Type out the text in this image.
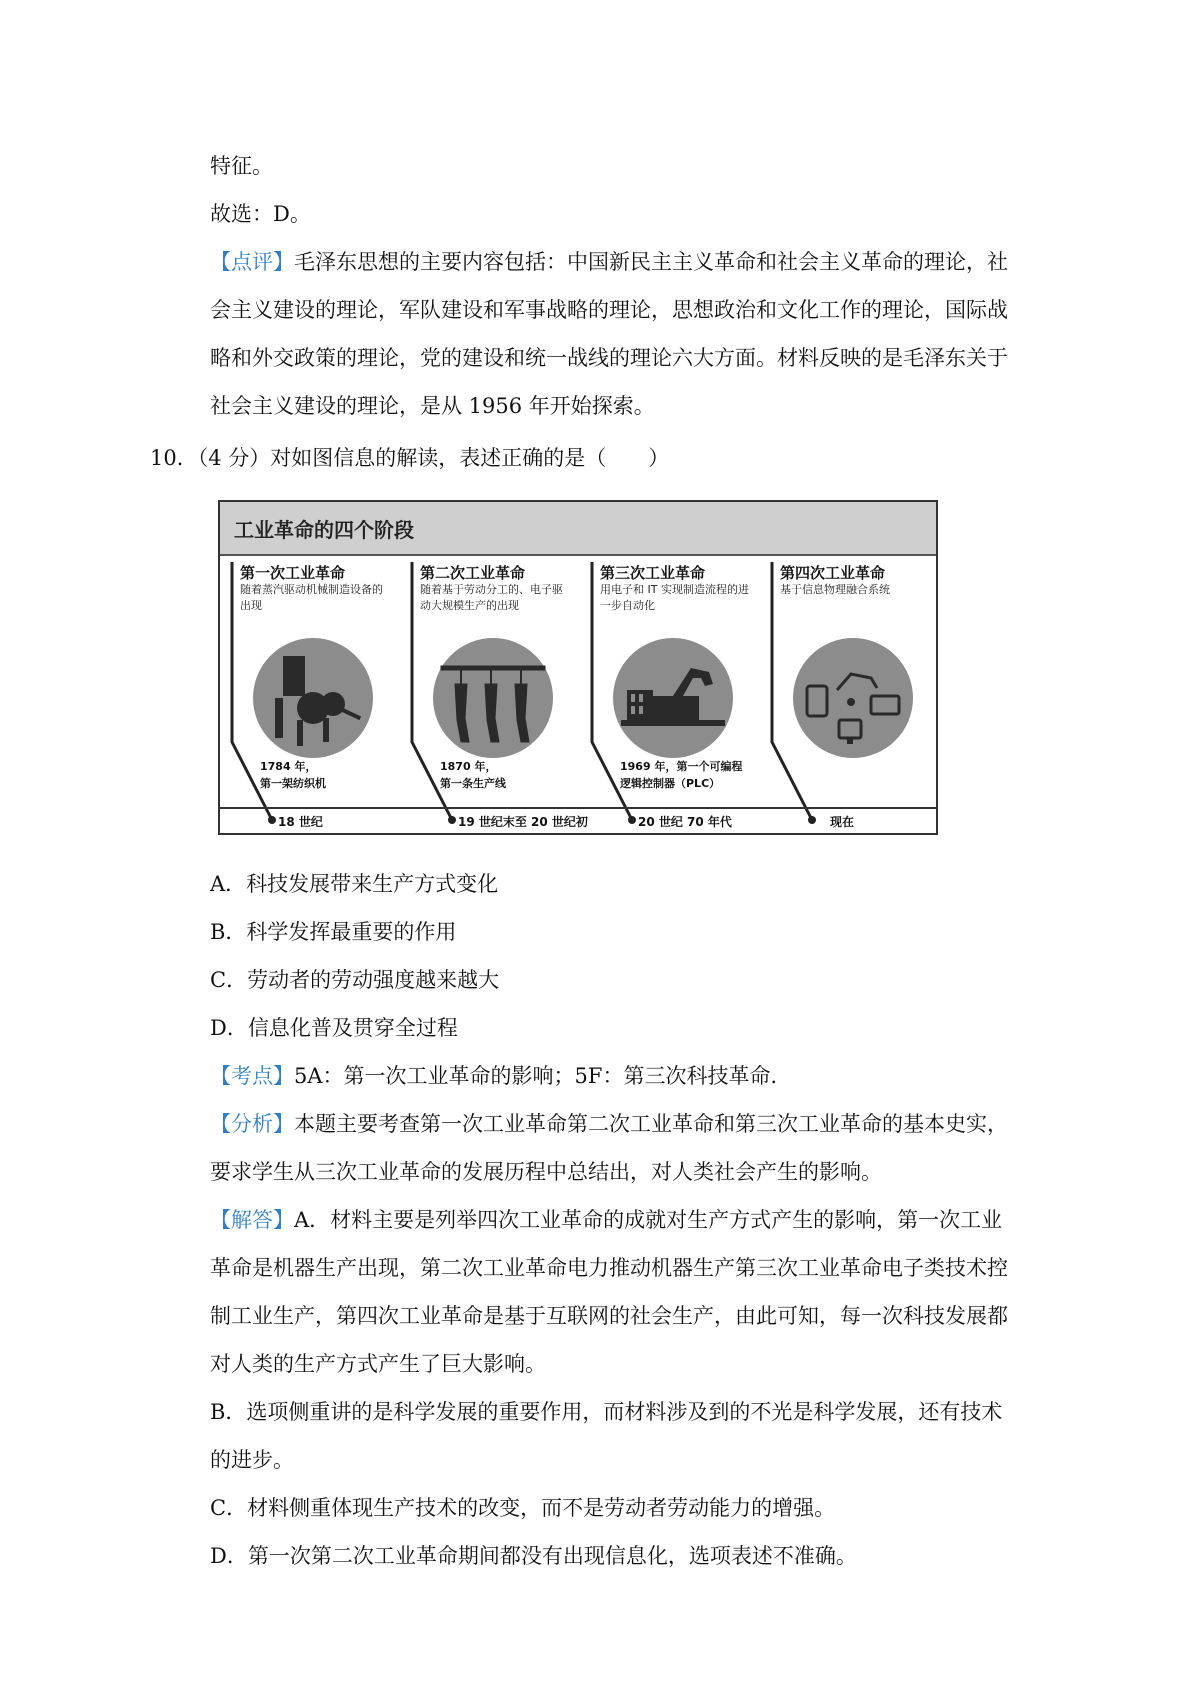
特征。
故选：D。
【点评】毛泽东思想的主要内容包括：中国新民主主义革命和社会主义革命的理论，社
会主义建设的理论，军队建设和军事战略的理论，思想政治和文化工作的理论，国际战
略和外交政策的理论，党的建设和统一战线的理论六大方面。材料反映的是毛泽东关于
社会主义建设的理论，是从 1956 年开始探索。
10．（4 分）对如图信息的解读，表述正确的是（　　）
工业革命的四个阶段
第一次工业革命
随着蒸汽驱动机械制造设备的出现
1784 年，
第一架纺织机
第二次工业革命
随着基于劳动分工的、电子驱动大规模生产的出现
1870 年，
第一条生产线
第三次工业革命
用电子和 IT 实现制造流程的进一步自动化
1969 年，第一个可编程
逻辑控制器（PLC）
第四次工业革命
基于信息物理融合系统
18 世纪	19 世纪末至 20 世纪初	20 世纪 70 年代	现在
A．科技发展带来生产方式变化
B．科学发挥最重要的作用
C．劳动者的劳动强度越来越大
D．信息化普及贯穿全过程
【考点】5A：第一次工业革命的影响；5F：第三次科技革命．
【分析】本题主要考查第一次工业革命第二次工业革命和第三次工业革命的基本史实，
要求学生从三次工业革命的发展历程中总结出，对人类社会产生的影响。
【解答】A．材料主要是列举四次工业革命的成就对生产方式产生的影响，第一次工业
革命是机器生产出现，第二次工业革命电力推动机器生产第三次工业革命电子类技术控
制工业生产，第四次工业革命是基于互联网的社会生产，由此可知，每一次科技发展都
对人类的生产方式产生了巨大影响。
B．选项侧重讲的是科学发展的重要作用，而材料涉及到的不光是科学发展，还有技术
的进步。
C．材料侧重体现生产技术的改变，而不是劳动者劳动能力的增强。
D．第一次第二次工业革命期间都没有出现信息化，选项表述不准确。
